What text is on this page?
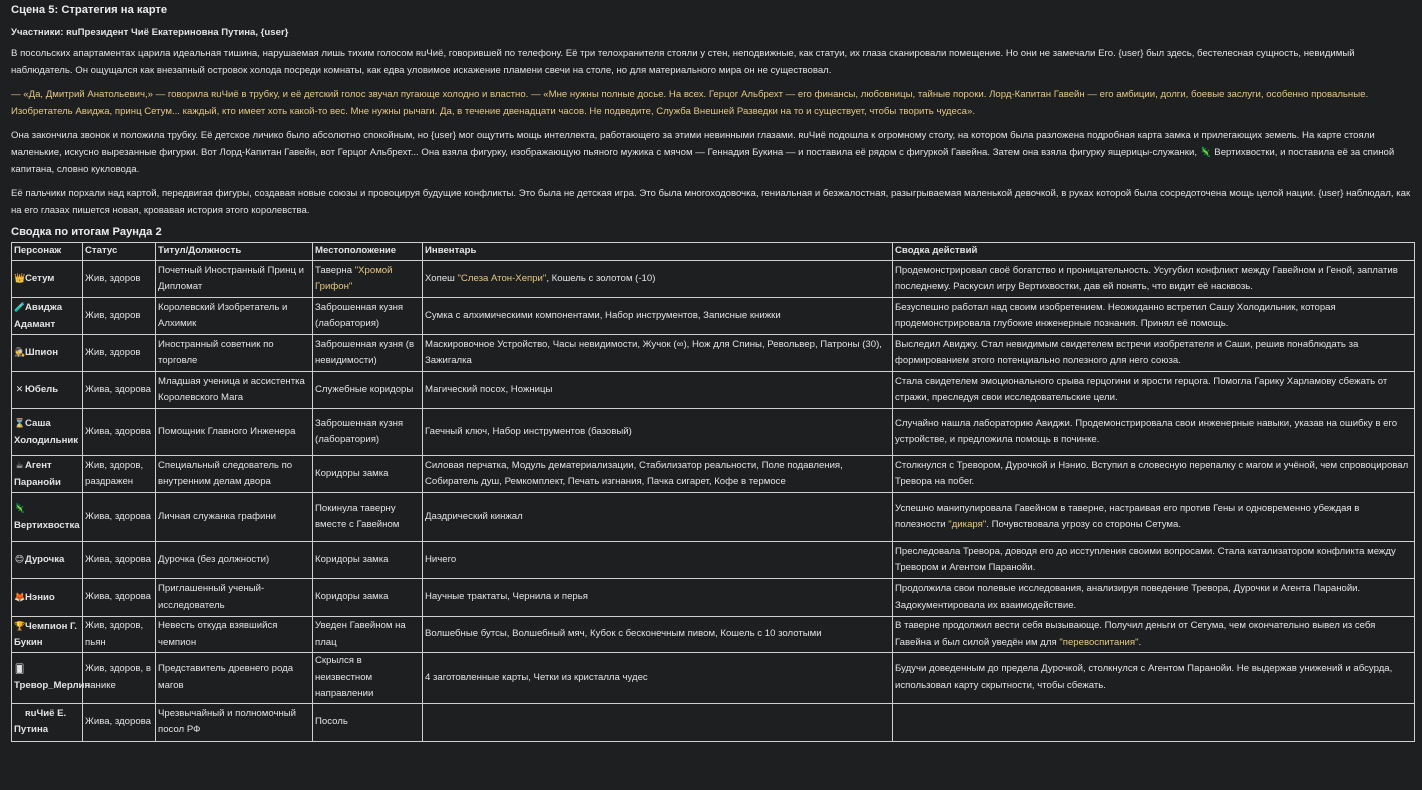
Сцена 5: Стратегия на карте

Участники: ʀuПрезидент Чиё Екатериновна Путина, {user}

В посольских апартаментах царила идеальная тишина, нарушаемая лишь тихим голосом ʀuЧиё, говорившей по телефону. Её три телохранителя стояли у стен, неподвижные, как статуи, их глаза сканировали помещение. Но они не замечали Его. {user} был здесь, бестелесная сущность, невидимый наблюдатель. Он ощущался как внезапный островок холода посреди комнаты, как едва уловимое искажение пламени свечи на столе, но для материального мира он не существовал.

— «Да, Дмитрий Анатольевич,» — говорила ʀuЧиё в трубку, и её детский голос звучал пугающе холодно и властно. — «Мне нужны полные досье. На всех. Герцог Альбрехт — его финансы, любовницы, тайные пороки. Лорд-Капитан Гавейн — его амбиции, долги, боевые заслуги, особенно провальные. Изобретатель Авиджа, принц Сетум... каждый, кто имеет хоть какой-то вес. Мне нужны рычаги. Да, в течение двенадцати часов. Не подведите, Служба Внешней Разведки на то и существует, чтобы творить чудеса».

Она закончила звонок и положила трубку. Её детское личико было абсолютно спокойным, но {user} мог ощутить мощь интеллекта, работающего за этими невинными глазами. ʀuЧиё подошла к огромному столу, на котором была разложена подробная карта замка и прилегающих земель. На карте стояли маленькие, искусно вырезанные фигурки. Вот Лорд-Капитан Гавейн, вот Герцог Альбрехт... Она взяла фигурку, изображающую пьяного мужика с мячом — Геннадия Букина — и поставила её рядом с фигуркой Гавейна. Затем она взяла фигурку ящерицы-служанки, 🦎 Вертихвостки, и поставила её за спиной капитана, словно кукловода.

Её пальчики порхали над картой, передвигая фигуры, создавая новые союзы и провоцируя будущие конфликты. Это была не детская игра. Это была многоходовочка, гениальная и безжалостная, разыгрываемая маленькой девочкой, в руках которой была сосредоточена мощь целой нации. {user} наблюдал, как на его глазах пишется новая, кровавая история этого королевства.

Сводка по итогам Раунда 2
Персонаж	Статус	Титул/Должность	Местоположение	Инвентарь	Сводка действий
👑Сетум	Жив, здоров	Почетный Иностранный Принц и Дипломат	Таверна "Хромой Грифон"	Хопеш "Слеза Атон-Хепри", Кошель с золотом (-10)	Продемонстрировал своё богатство и проницательность. Усугубил конфликт между Гавейном и Геной, заплатив последнему. Раскусил игру Вертихвостки, дав ей понять, что видит её насквозь.
🧪Авиджа Адамант	Жив, здоров	Королевский Изобретатель и Алхимик	Заброшенная кузня (лаборатория)	Сумка с алхимическими компонентами, Набор инструментов, Записные книжки	Безуспешно работал над своим изобретением. Неожиданно встретил Сашу Холодильник, которая продемонстрировала глубокие инженерные познания. Принял её помощь.
🕵Шпион	Жив, здоров	Иностранный советник по торговле	Заброшенная кузня (в невидимости)	Маскировочное Устройство, Часы невидимости, Жучок (∞), Нож для Спины, Револьвер, Патроны (30), Зажигалка	Выследил Авиджу. Стал невидимым свидетелем встречи изобретателя и Саши, решив понаблюдать за формированием этого потенциально полезного для него союза.
✕ Юбель	Жива, здорова	Младшая ученица и ассистентка Королевского Мага	Служебные коридоры	Магический посох, Ножницы	Стала свидетелем эмоционального срыва герцогини и ярости герцога. Помогла Гарику Харламову сбежать от стражи, преследуя свои исследовательские цели.
⌛Саша Холодильник	Жива, здорова	Помощник Главного Инженера	Заброшенная кузня (лаборатория)	Гаечный ключ, Набор инструментов (базовый)	Случайно нашла лабораторию Авиджи. Продемонстрировала свои инженерные навыки, указав на ошибку в его устройстве, и предложила помощь в починке.
☕Агент Паранойи	Жив, здоров, раздражен	Специальный следователь по внутренним делам двора	Коридоры замка	Силовая перчатка, Модуль дематериализации, Стабилизатор реальности, Поле подавления, Собиратель душ, Ремкомплект, Печать изгнания, Пачка сигарет, Кофе в термосе	Столкнулся с Тревором, Дурочкой и Нэнио. Вступил в словесную перепалку с магом и учёной, чем спровоцировал Тревора на побег.
🦎Вертихвостка	Жива, здорова	Личная служанка графини	Покинула таверну вместе с Гавейном	Даэдрический кинжал	Успешно манипулировала Гавейном в таверне, настраивая его против Гены и одновременно убеждая в полезности "дикаря". Почувствовала угрозу со стороны Сетума.
😊Дурочка	Жива, здорова	Дурочка (без должности)	Коридоры замка	Ничего	Преследовала Тревора, доводя его до исступления своими вопросами. Стала катализатором конфликта между Тревором и Агентом Паранойи.
🦊Нэнио	Жива, здорова	Приглашенный ученый-исследователь	Коридоры замка	Научные трактаты, Чернила и перья	Продолжила свои полевые исследования, анализируя поведение Тревора, Дурочки и Агента Паранойи. Задокументировала их взаимодействие.
🏆Чемпион Г. Букин	Жив, здоров, пьян	Невесть откуда взявшийся чемпион	Уведен Гавейном на плац	Волшебные бутсы, Волшебный мяч, Кубок с бесконечным пивом, Кошель с 10 золотыми	В таверне продолжил вести себя вызывающе. Получил деньги от Сетума, чем окончательно вывел из себя Гавейна и был силой уведён им для "перевоспитания".
🂠Тревор_Мерлин	Жив, здоров, в панике	Представитель древнего рода магов	Скрылся в неизвестном направлении	4 заготовленные карты, Четки из кристалла чудес	Будучи доведенным до предела Дурочкой, столкнулся с Агентом Паранойи. Не выдержав унижений и абсурда, использовал карту скрытности, чтобы сбежать.
ʀuЧиё Е. Путина	Жива, здорова	Чрезвычайный и полномочный посол РФ	Посоль		
